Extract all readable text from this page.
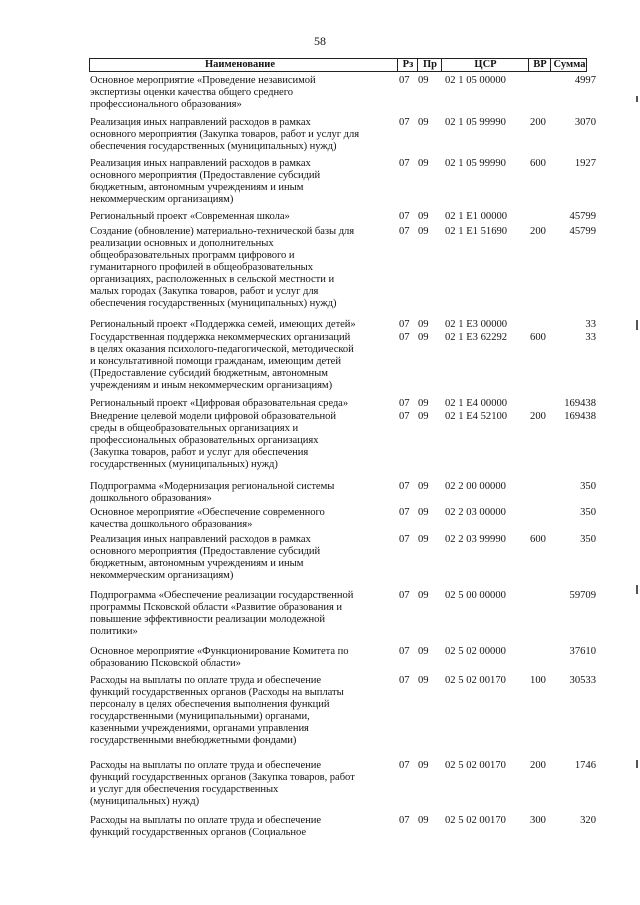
58
Наименование	Рз Пр	ЦСР	ВР Сумма
Основное мероприятие «Проведение независимой
экспертизы оценки качества общего среднего
профессионального образования»
07 09 02 1 05 00000	4997
Реализация иных направлений расходов в рамках
основного мероприятия (Закупка товаров, работ и услуг для
обеспечения государственных (муниципальных) нужд)
07 09 02 1 05 99990 200	3070
Реализация иных направлений расходов в рамках
основного мероприятия (Предоставление субсидий
бюджетным, автономным учреждениям и иным
некоммерческим организациям)
07 09 02 1 05 99990 600	1927
Региональный проект «Современная школа»	07 09 02 1 E1 00000	45799
Создание (обновление) материально-технической базы для
реализации основных и дополнительных
общеобразовательных программ цифрового и
гуманитарного профилей в общеобразовательных
организациях, расположенных в сельской местности и
малых городах (Закупка товаров, работ и услуг для
обеспечения государственных (муниципальных) нужд)
07 09 02 1 E1 51690 200	45799
Региональный проект «Поддержка семей, имеющих детей»	07 09 02 1 E3 00000	33
Государственная поддержка некоммерческих организаций
в целях оказания психолого-педагогической, методической
и консультативной помощи гражданам, имеющим детей
(Предоставление субсидий бюджетным, автономным
учреждениям и иным некоммерческим организациям)
07 09 02 1 E3 62292 600	33
Региональный проект «Цифровая образовательная среда»	07 09 02 1 E4 00000	169438
Внедрение целевой модели цифровой образовательной
среды в общеобразовательных организациях и
профессиональных образовательных организациях
(Закупка товаров, работ и услуг для обеспечения
государственных (муниципальных) нужд)
07 09 02 1 E4 52100 200	169438
Подпрограмма «Модернизация региональной системы
дошкольного образования»
07 09 02 2 00 00000	350
Основное мероприятие «Обеспечение современного
качества дошкольного образования»
07 09 02 2 03 00000	350
Реализация иных направлений расходов в рамках
основного мероприятия (Предоставление субсидий
бюджетным, автономным учреждениям и иным
некоммерческим организациям)
07 09 02 2 03 99990 600	350
Подпрограмма «Обеспечение реализации государственной
программы Псковской области «Развитие образования и
повышение эффективности реализации молодежной
политики»
07 09 02 5 00 00000	59709
Основное мероприятие «Функционирование Комитета по
образованию Псковской области»
07 09 02 5 02 00000	37610
Расходы на выплаты по оплате труда и обеспечение
функций государственных органов (Расходы на выплаты
персоналу в целях обеспечения выполнения функций
государственными (муниципальными) органами,
казенными учреждениями, органами управления
государственными внебюджетными фондами)
07 09 02 5 02 00170 100	30533
Расходы на выплаты по оплате труда и обеспечение
функций государственных органов (Закупка товаров, работ
и услуг для обеспечения государственных
(муниципальных) нужд)
07 09 02 5 02 00170 200	1746
Расходы на выплаты по оплате труда и обеспечение
функций государственных органов (Социальное
07 09 02 5 02 00170 300	320
